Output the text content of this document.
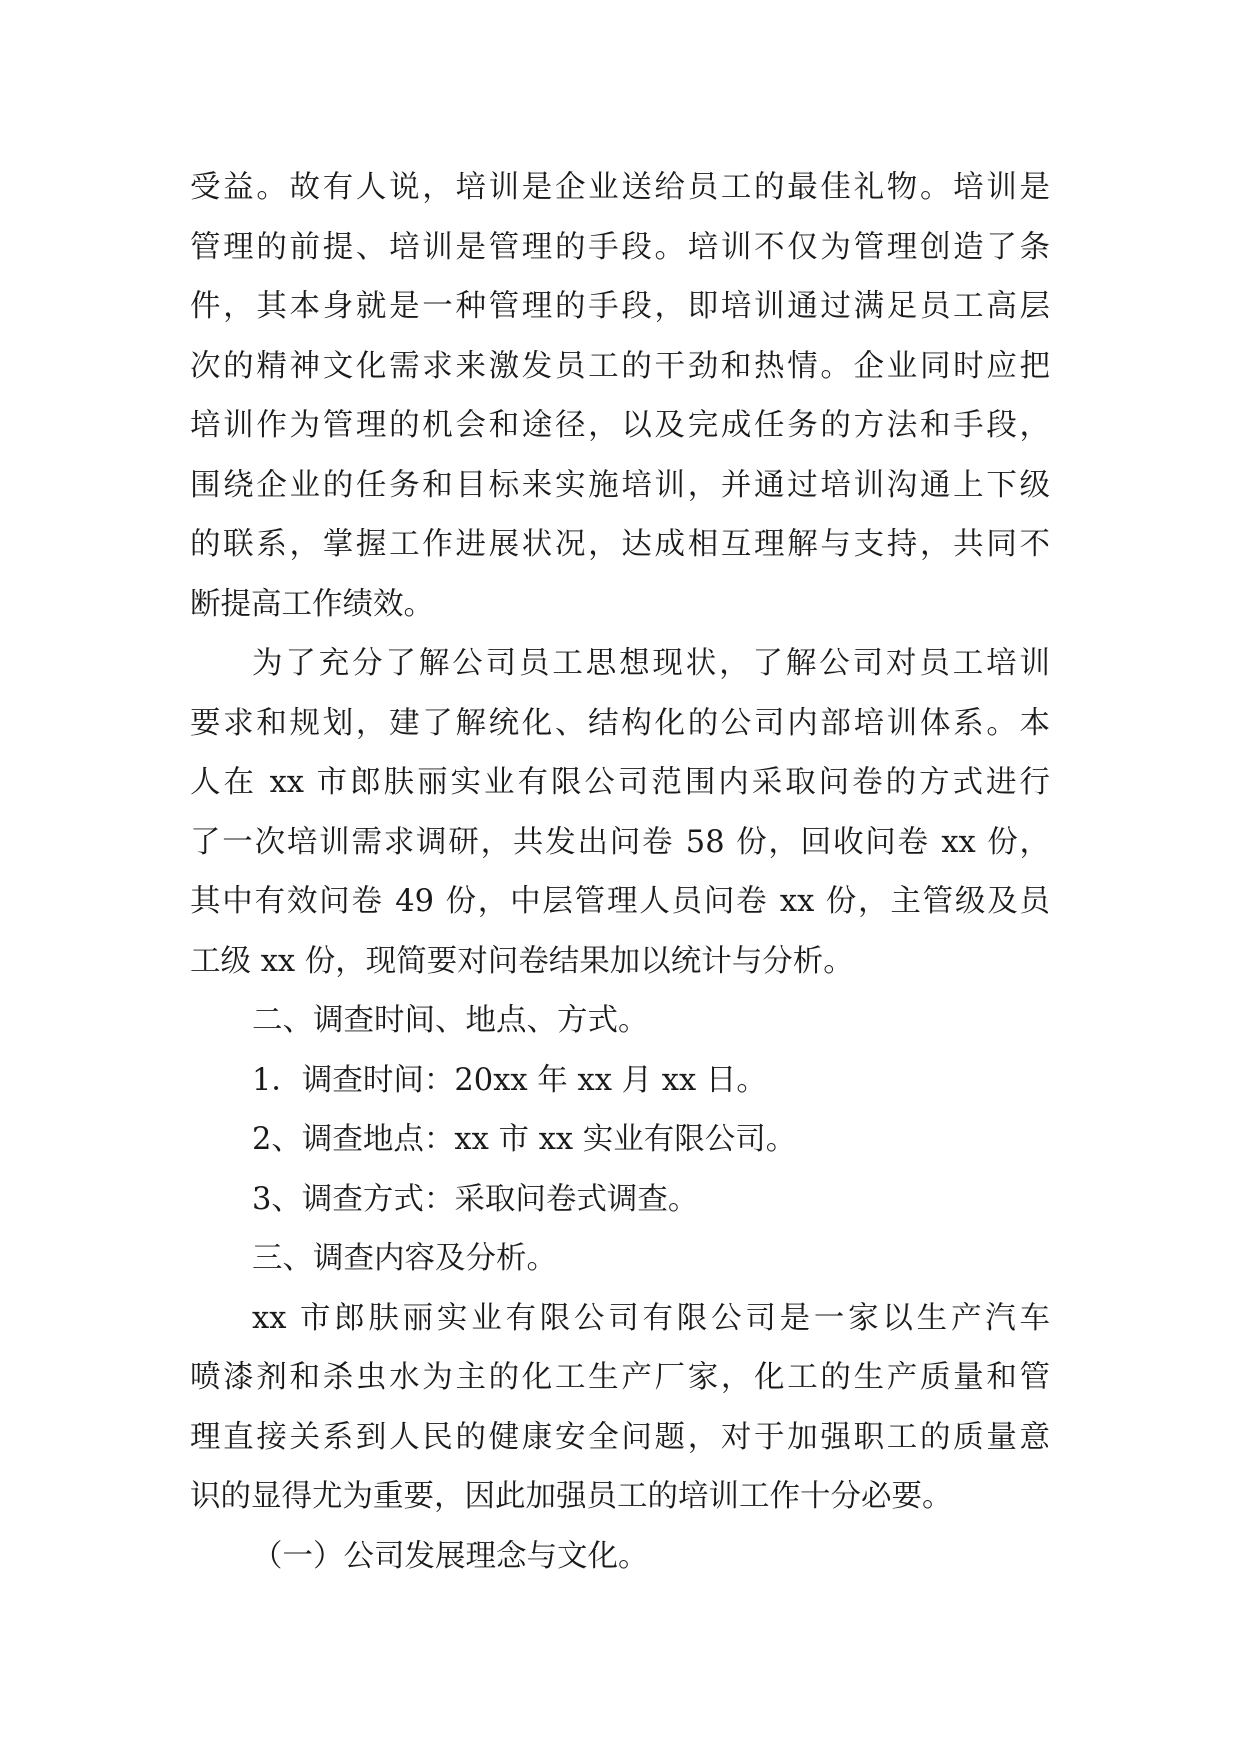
受益。故有人说，培训是企业送给员工的最佳礼物。培训是
管理的前提、培训是管理的手段。培训不仅为管理创造了条
件，其本身就是一种管理的手段，即培训通过满足员工高层
次的精神文化需求来激发员工的干劲和热情。企业同时应把
培训作为管理的机会和途径，以及完成任务的方法和手段，
围绕企业的任务和目标来实施培训，并通过培训沟通上下级
的联系，掌握工作进展状况，达成相互理解与支持，共同不
断提高工作绩效。
为了充分了解公司员工思想现状，了解公司对员工培训
要求和规划，建了解统化、结构化的公司内部培训体系。本
人在 xx 市郎肤丽实业有限公司范围内采取问卷的方式进行
了一次培训需求调研，共发出问卷 58 份，回收问卷 xx 份，
其中有效问卷 49 份，中层管理人员问卷 xx 份，主管级及员
工级 xx 份，现简要对问卷结果加以统计与分析。
二、调查时间、地点、方式。
1．调查时间：20xx 年 xx 月 xx 日。
2、调查地点：xx 市 xx 实业有限公司。
3、调查方式：采取问卷式调查。
三、调查内容及分析。
xx 市郎肤丽实业有限公司有限公司是一家以生产汽车
喷漆剂和杀虫水为主的化工生产厂家，化工的生产质量和管
理直接关系到人民的健康安全问题，对于加强职工的质量意
识的显得尤为重要，因此加强员工的培训工作十分必要。
（一）公司发展理念与文化。
